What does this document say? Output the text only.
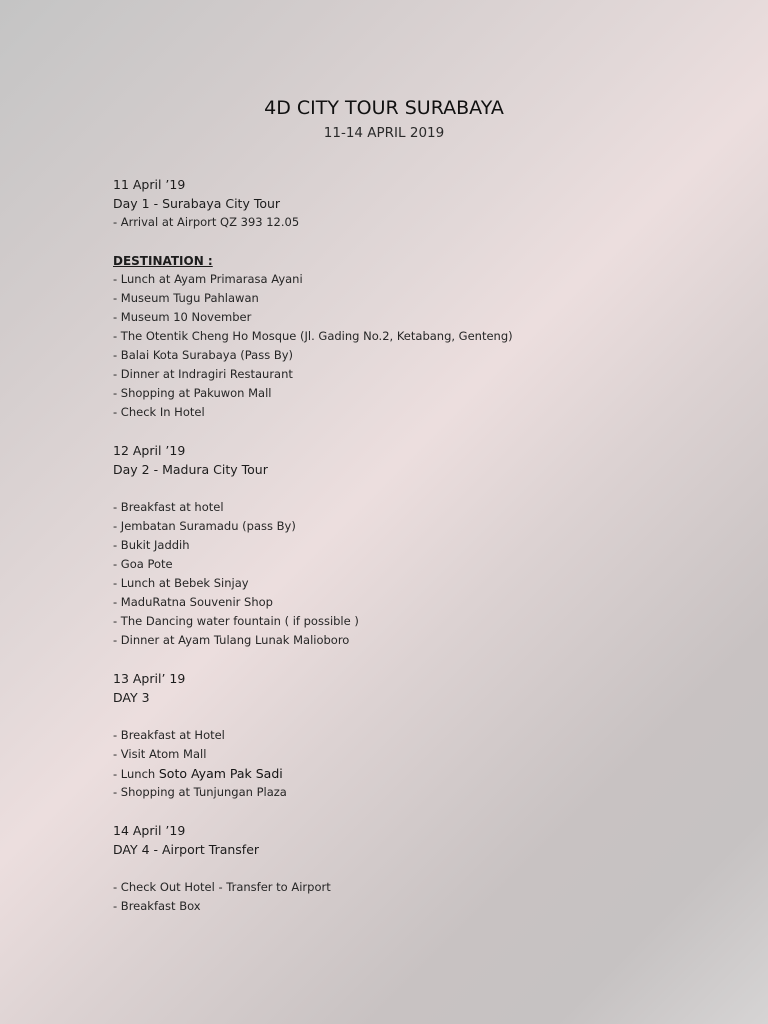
4D CITY TOUR SURABAYA
11-14 APRIL 2019
11 April ’19
Day 1 - Surabaya City Tour
- Arrival at Airport QZ 393 12.05
DESTINATION :
- Lunch at Ayam Primarasa Ayani
- Museum Tugu Pahlawan
- Museum 10 November
- The Otentik Cheng Ho Mosque (Jl. Gading No.2, Ketabang, Genteng)
- Balai Kota Surabaya (Pass By)
- Dinner at Indragiri Restaurant
- Shopping at Pakuwon Mall
- Check In Hotel
12 April ’19
Day 2 - Madura City Tour
- Breakfast at hotel
- Jembatan Suramadu (pass By)
- Bukit Jaddih
- Goa Pote
- Lunch at Bebek Sinjay
- MaduRatna Souvenir Shop
- The Dancing water fountain ( if possible )
- Dinner at Ayam Tulang Lunak Malioboro
13 April’ 19
DAY 3
- Breakfast at Hotel
- Visit Atom Mall
- Lunch Soto Ayam Pak Sadi
- Shopping at Tunjungan Plaza
14 April ’19
DAY 4 - Airport Transfer
- Check Out Hotel - Transfer to Airport
- Breakfast Box
